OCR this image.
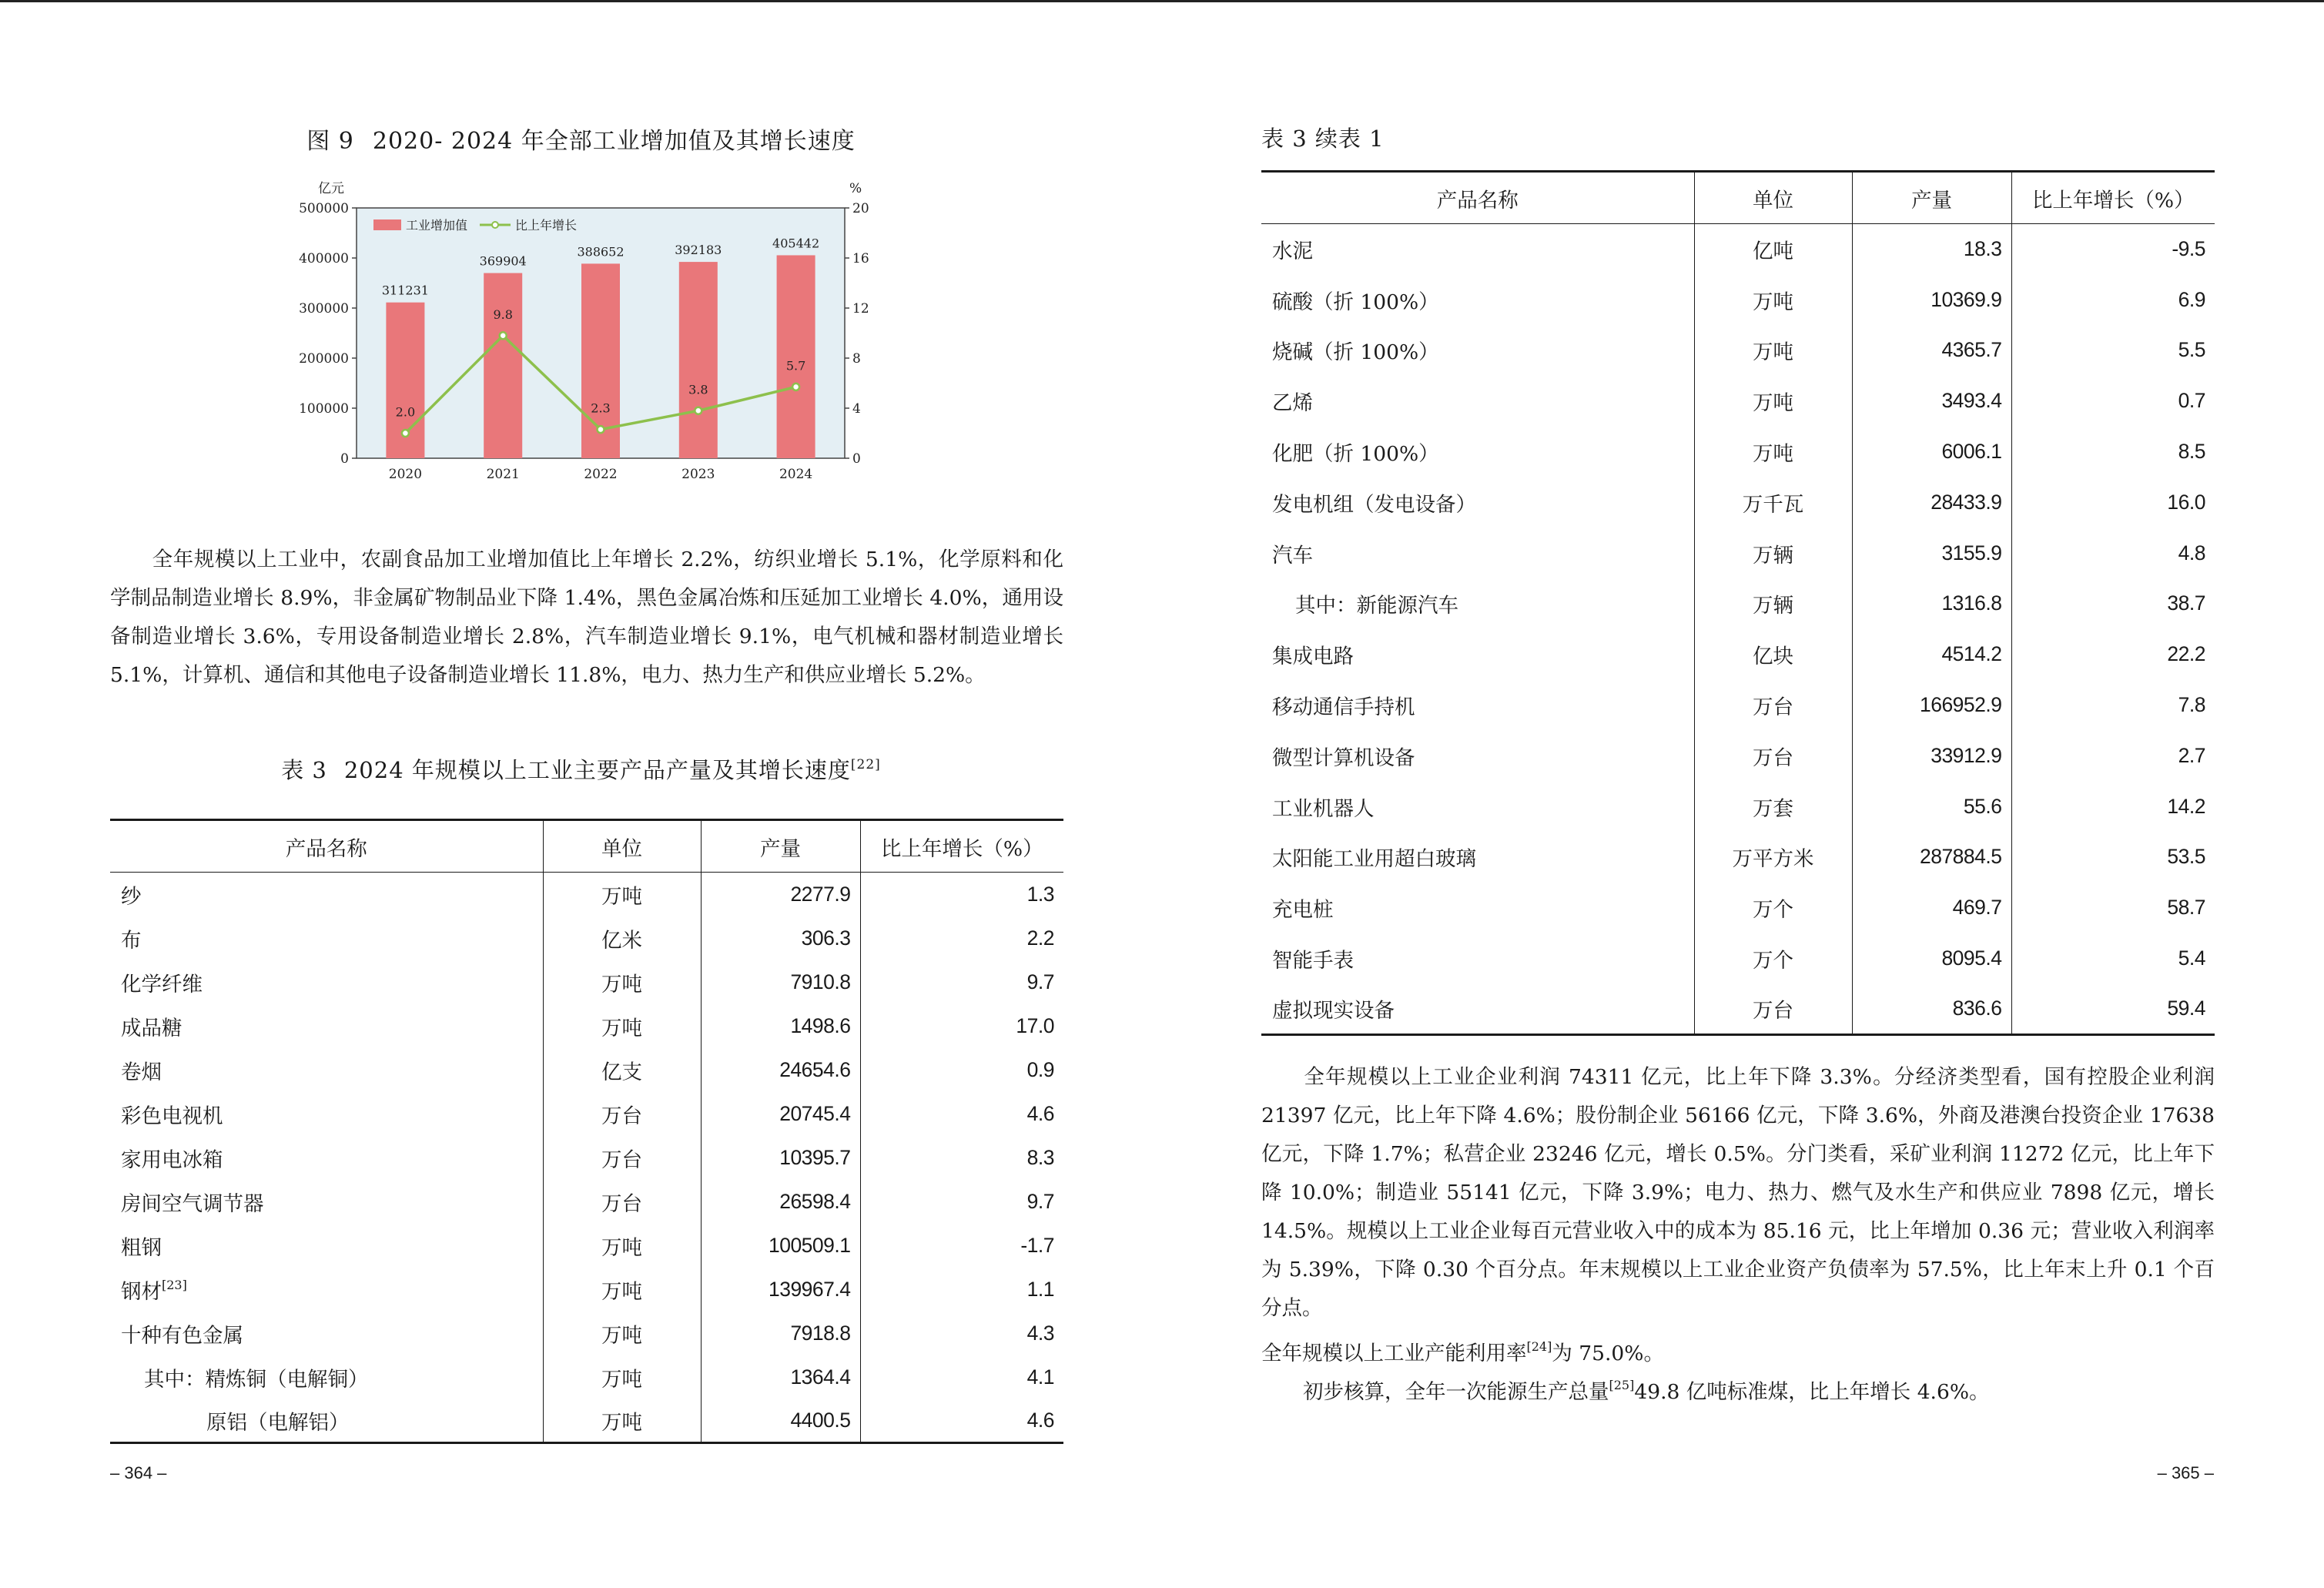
图 9 2020- 2024 年全部工业增加值及其增长速度
0
100000
200000
300000
400000
500000
0
4
8
12
16
20
亿元	%
311231
2020
369904
2021
388652
2022
392183
2023
405442
2024
2.0
9.8
2.3
3.8
5.7
工业增加值	比上年增长
全年规模以上工业中，农副食品加工业增加值比上年增长 2.2%，纺织业增长 5.1%，化学原料和化学制品制造业增长 8.9%，非金属矿物制品业下降 1.4%，黑色金属冶炼和压延加工业增长 4.0%，通用设备制造业增长 3.6%，专用设备制造业增长 2.8%，汽车制造业增长 9.1%，电气机械和器材制造业增长 5.1%，计算机、通信和其他电子设备制造业增长 11.8%，电力、热力生产和供应业增长 5.2%。
表 3 2024 年规模以上工业主要产品产量及其增长速度[22]
产品名称	单位	产量	比上年增长（%）
纱	万吨	2277.9	1.3
布	亿米	306.3	2.2
化学纤维	万吨	7910.8	9.7
成品糖	万吨	1498.6	17.0
卷烟	亿支	24654.6	0.9
彩色电视机	万台	20745.4	4.6
家用电冰箱	万台	10395.7	8.3
房间空气调节器	万台	26598.4	9.7
粗钢	万吨	100509.1	-1.7
钢材[23]	万吨	139967.4	1.1
十种有色金属	万吨	7918.8	4.3
其中：精炼铜（电解铜）	万吨	1364.4	4.1
原铝（电解铝）	万吨	4400.5	4.6
– 364 –
表 3 续表 1
产品名称	单位	产量	比上年增长（%）
水泥	亿吨	18.3	-9.5
硫酸（折 100%）	万吨	10369.9	6.9
烧碱（折 100%）	万吨	4365.7	5.5
乙烯	万吨	3493.4	0.7
化肥（折 100%）	万吨	6006.1	8.5
发电机组（发电设备）	万千瓦	28433.9	16.0
汽车	万辆	3155.9	4.8
其中：新能源汽车	万辆	1316.8	38.7
集成电路	亿块	4514.2	22.2
移动通信手持机	万台	166952.9	7.8
微型计算机设备	万台	33912.9	2.7
工业机器人	万套	55.6	14.2
太阳能工业用超白玻璃	万平方米	287884.5	53.5
充电桩	万个	469.7	58.7
智能手表	万个	8095.4	5.4
虚拟现实设备	万台	836.6	59.4
全年规模以上工业企业利润 74311 亿元，比上年下降 3.3%。分经济类型看，国有控股企业利润 21397 亿元，比上年下降 4.6%；股份制企业 56166 亿元，下降 3.6%，外商及港澳台投资企业 17638 亿元，下降 1.7%；私营企业 23246 亿元，增长 0.5%。分门类看，采矿业利润 11272 亿元，比上年下降 10.0%；制造业 55141 亿元，下降 3.9%；电力、热力、燃气及水生产和供应业 7898 亿元，增长 14.5%。规模以上工业企业每百元营业收入中的成本为 85.16 元，比上年增加 0.36 元；营业收入利润率为 5.39%，下降 0.30 个百分点。年末规模以上工业企业资产负债率为 57.5%，比上年末上升 0.1 个百分点。
全年规模以上工业产能利用率[24]为 75.0%。
初步核算，全年一次能源生产总量[25]49.8 亿吨标准煤，比上年增长 4.6%。
– 365 –
